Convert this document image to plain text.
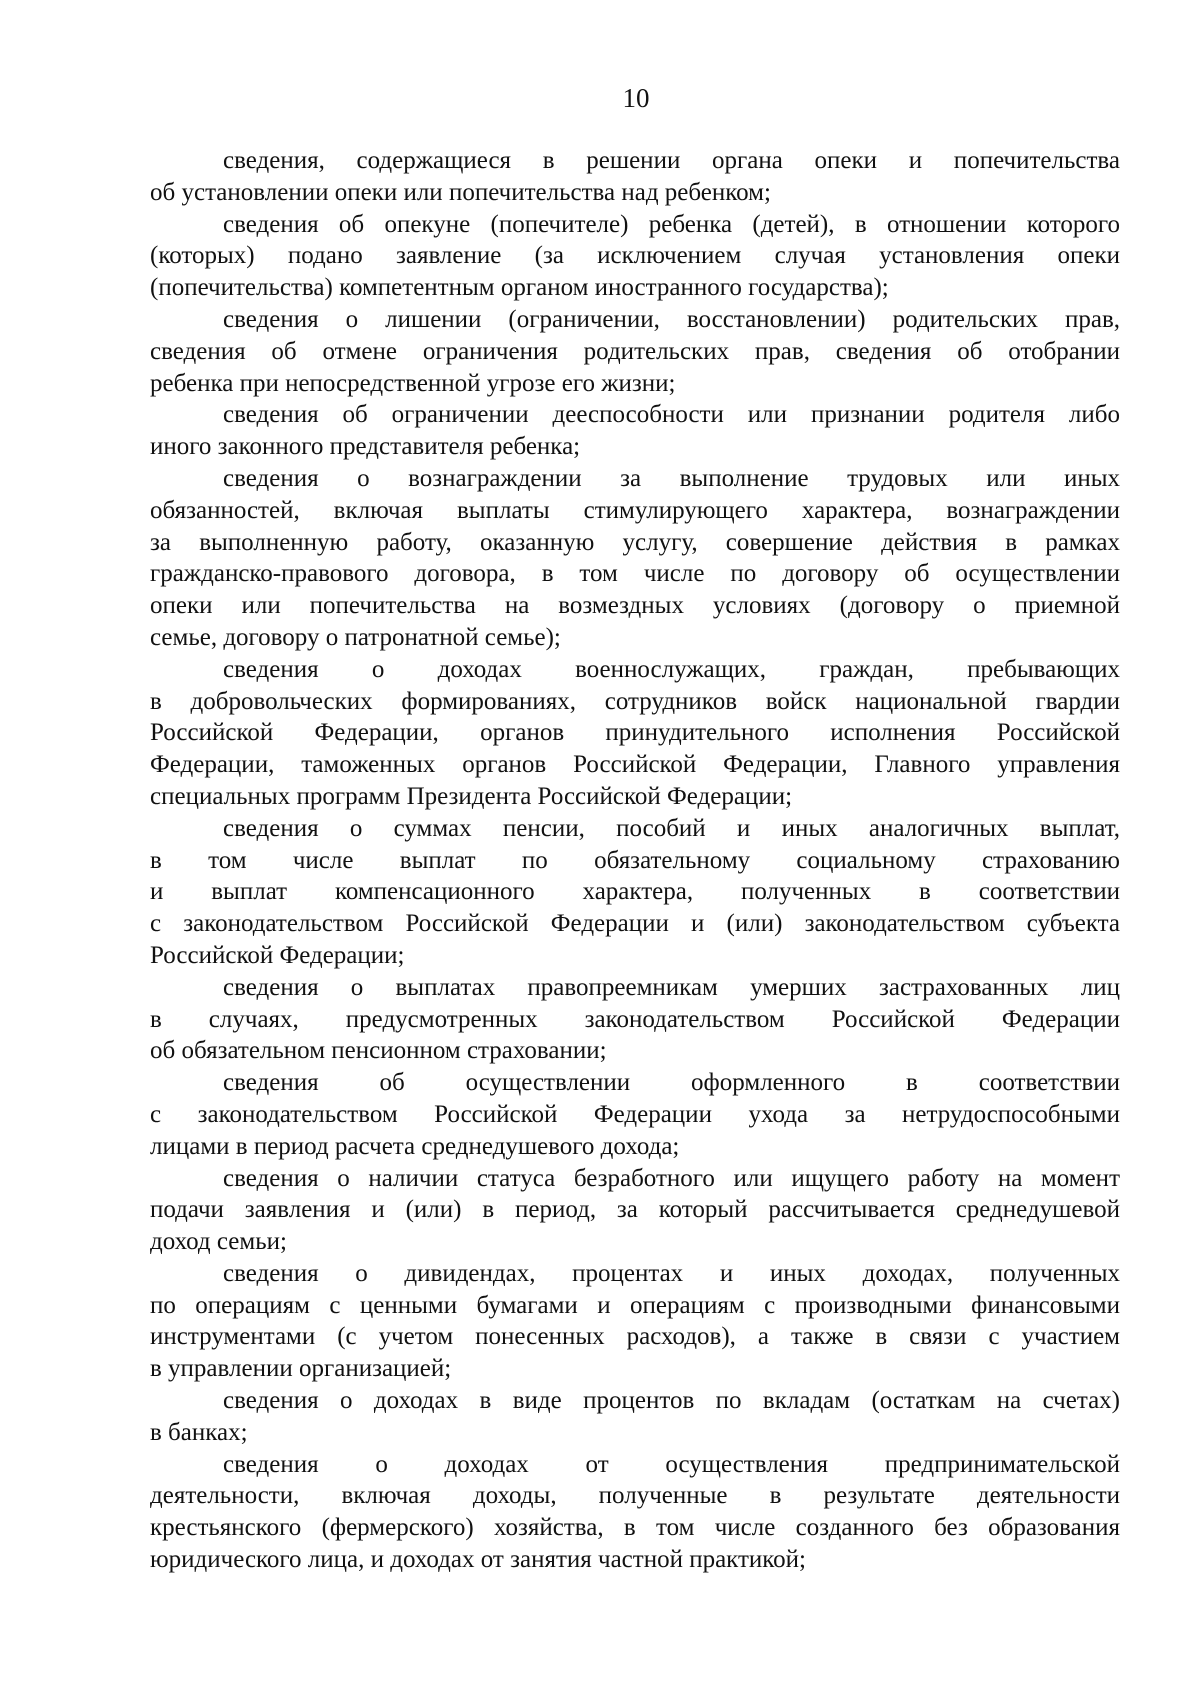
10

сведения, содержащиеся в решении органа опеки и попечительства
об установлении опеки или попечительства над ребенком;

сведения об опекуне (попечителе) ребенка (детей), в отношении которого
(которых) подано заявление (за исключением случая установления опеки
(попечительства) компетентным органом иностранного государства);

сведения о лишении (ограничении, восстановлении) родительских прав,
сведения об отмене ограничения родительских прав, сведения об отобрании
ребенка при непосредственной угрозе его жизни;

сведения об ограничении дееспособности или признании родителя либо
иного законного представителя ребенка;

сведения о вознаграждении за выполнение трудовых или иных
обязанностей, включая выплаты стимулирующего характера, вознаграждении
за выполненную работу, оказанную услугу, совершение действия в рамках
гражданско-правового договора, в том числе по договору об осуществлении
опеки или попечительства на возмездных условиях (договору о приемной
семье, договору о патронатной семье);

сведения о доходах военнослужащих, граждан, пребывающих
в добровольческих формированиях, сотрудников войск национальной гвардии
Российской Федерации, органов принудительного исполнения Российской
Федерации, таможенных органов Российской Федерации, Главного управления
специальных программ Президента Российской Федерации;

сведения о суммах пенсии, пособий и иных аналогичных выплат,
в том числе выплат по обязательному социальному страхованию
и выплат компенсационного характера, полученных в соответствии
с законодательством Российской Федерации и (или) законодательством субъекта
Российской Федерации;

сведения о выплатах правопреемникам умерших застрахованных лиц
в случаях, предусмотренных законодательством Российской Федерации
об обязательном пенсионном страховании;

сведения об осуществлении оформленного в соответствии
с законодательством Российской Федерации ухода за нетрудоспособными
лицами в период расчета среднедушевого дохода;

сведения о наличии статуса безработного или ищущего работу на момент
подачи заявления и (или) в период, за который рассчитывается среднедушевой
доход семьи;

сведения о дивидендах, процентах и иных доходах, полученных
по операциям с ценными бумагами и операциям с производными финансовыми
инструментами (с учетом понесенных расходов), а также в связи с участием
в управлении организацией;

сведения о доходах в виде процентов по вкладам (остаткам на счетах)
в банках;

сведения о доходах от осуществления предпринимательской
деятельности, включая доходы, полученные в результате деятельности
крестьянского (фермерского) хозяйства, в том числе созданного без образования
юридического лица, и доходах от занятия частной практикой;
